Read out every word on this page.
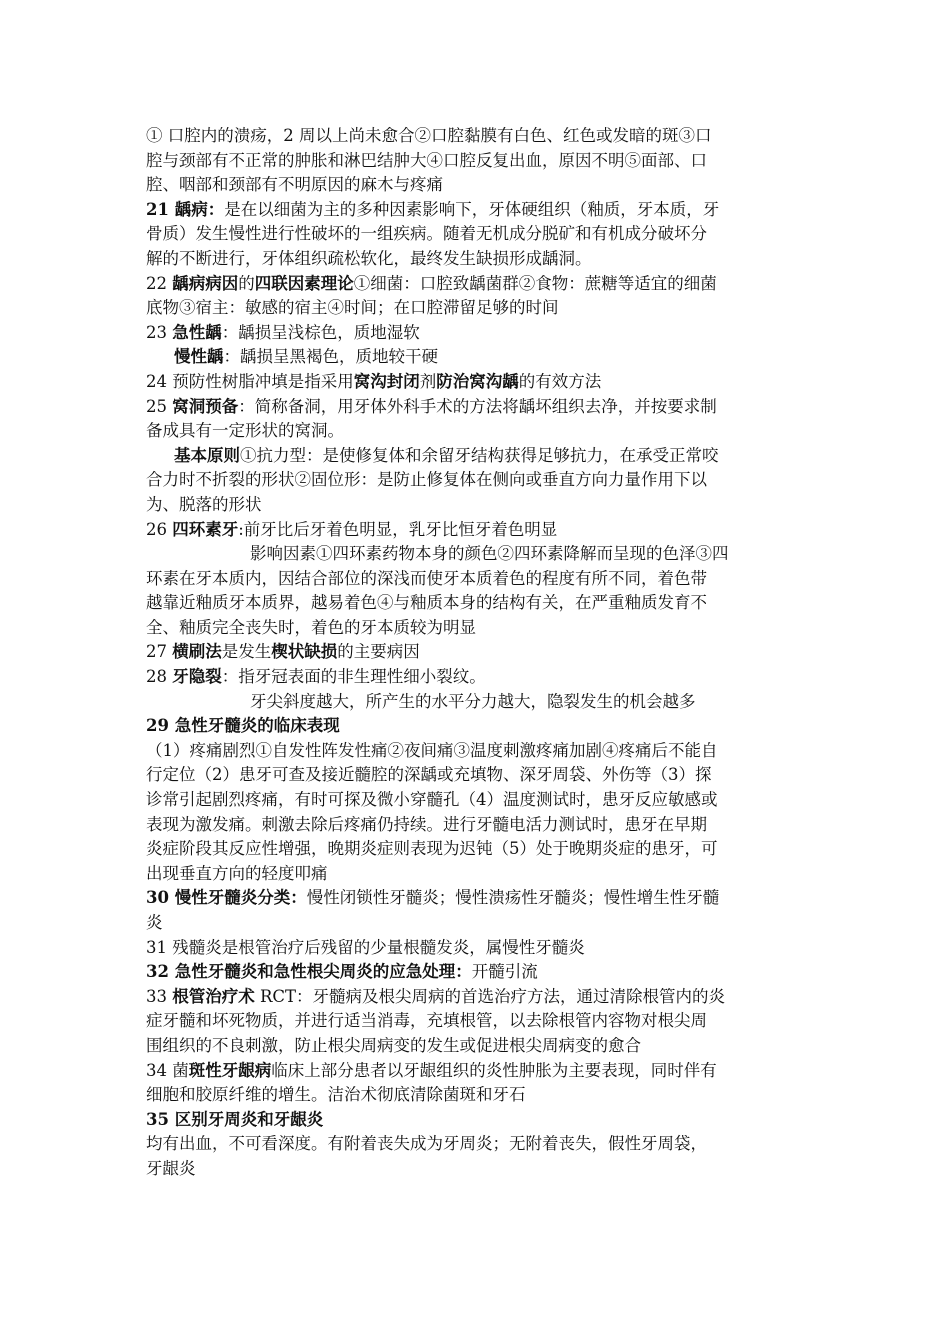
① 口腔内的溃疡，2 周以上尚未愈合②口腔黏膜有白色、红色或发暗的斑③口
腔与颈部有不正常的肿胀和淋巴结肿大④口腔反复出血，原因不明⑤面部、口
腔、咽部和颈部有不明原因的麻木与疼痛
21 龋病：是在以细菌为主的多种因素影响下，牙体硬组织（釉质，牙本质，牙
骨质）发生慢性进行性破坏的一组疾病。随着无机成分脱矿和有机成分破坏分
解的不断进行，牙体组织疏松软化，最终发生缺损形成龋洞。
22 龋病病因的四联因素理论①细菌：口腔致龋菌群②食物：蔗糖等适宜的细菌
底物③宿主：敏感的宿主④时间；在口腔滞留足够的时间
23 急性龋：龋损呈浅棕色，质地湿软
慢性龋：龋损呈黑褐色，质地较干硬
24 预防性树脂冲填是指采用窝沟封闭剂防治窝沟龋的有效方法
25 窝洞预备：简称备洞，用牙体外科手术的方法将龋坏组织去净，并按要求制
备成具有一定形状的窝洞。
基本原则①抗力型：是使修复体和余留牙结构获得足够抗力，在承受正常咬
合力时不折裂的形状②固位形：是防止修复体在侧向或垂直方向力量作用下以
为、脱落的形状
26 四环素牙:前牙比后牙着色明显，乳牙比恒牙着色明显
影响因素①四环素药物本身的颜色②四环素降解而呈现的色泽③四
环素在牙本质内，因结合部位的深浅而使牙本质着色的程度有所不同，着色带
越靠近釉质牙本质界，越易着色④与釉质本身的结构有关，在严重釉质发育不
全、釉质完全丧失时，着色的牙本质较为明显
27 横刷法是发生楔状缺损的主要病因
28 牙隐裂：指牙冠表面的非生理性细小裂纹。
牙尖斜度越大，所产生的水平分力越大，隐裂发生的机会越多
29 急性牙髓炎的临床表现
（1）疼痛剧烈①自发性阵发性痛②夜间痛③温度刺激疼痛加剧④疼痛后不能自
行定位（2）患牙可查及接近髓腔的深龋或充填物、深牙周袋、外伤等（3）探
诊常引起剧烈疼痛，有时可探及微小穿髓孔（4）温度测试时，患牙反应敏感或
表现为激发痛。刺激去除后疼痛仍持续。进行牙髓电活力测试时，患牙在早期
炎症阶段其反应性增强，晚期炎症则表现为迟钝（5）处于晚期炎症的患牙，可
出现垂直方向的轻度叩痛
30 慢性牙髓炎分类：慢性闭锁性牙髓炎；慢性溃疡性牙髓炎；慢性增生性牙髓
炎
31 残髓炎是根管治疗后残留的少量根髓发炎，属慢性牙髓炎
32 急性牙髓炎和急性根尖周炎的应急处理：开髓引流
33 根管治疗术 RCT：牙髓病及根尖周病的首选治疗方法，通过清除根管内的炎
症牙髓和坏死物质，并进行适当消毒，充填根管，以去除根管内容物对根尖周
围组织的不良刺激，防止根尖周病变的发生或促进根尖周病变的愈合
34 菌斑性牙龈病临床上部分患者以牙龈组织的炎性肿胀为主要表现，同时伴有
细胞和胶原纤维的增生。洁治术彻底清除菌斑和牙石
35 区别牙周炎和牙龈炎
均有出血，不可看深度。有附着丧失成为牙周炎；无附着丧失，假性牙周袋，
牙龈炎
